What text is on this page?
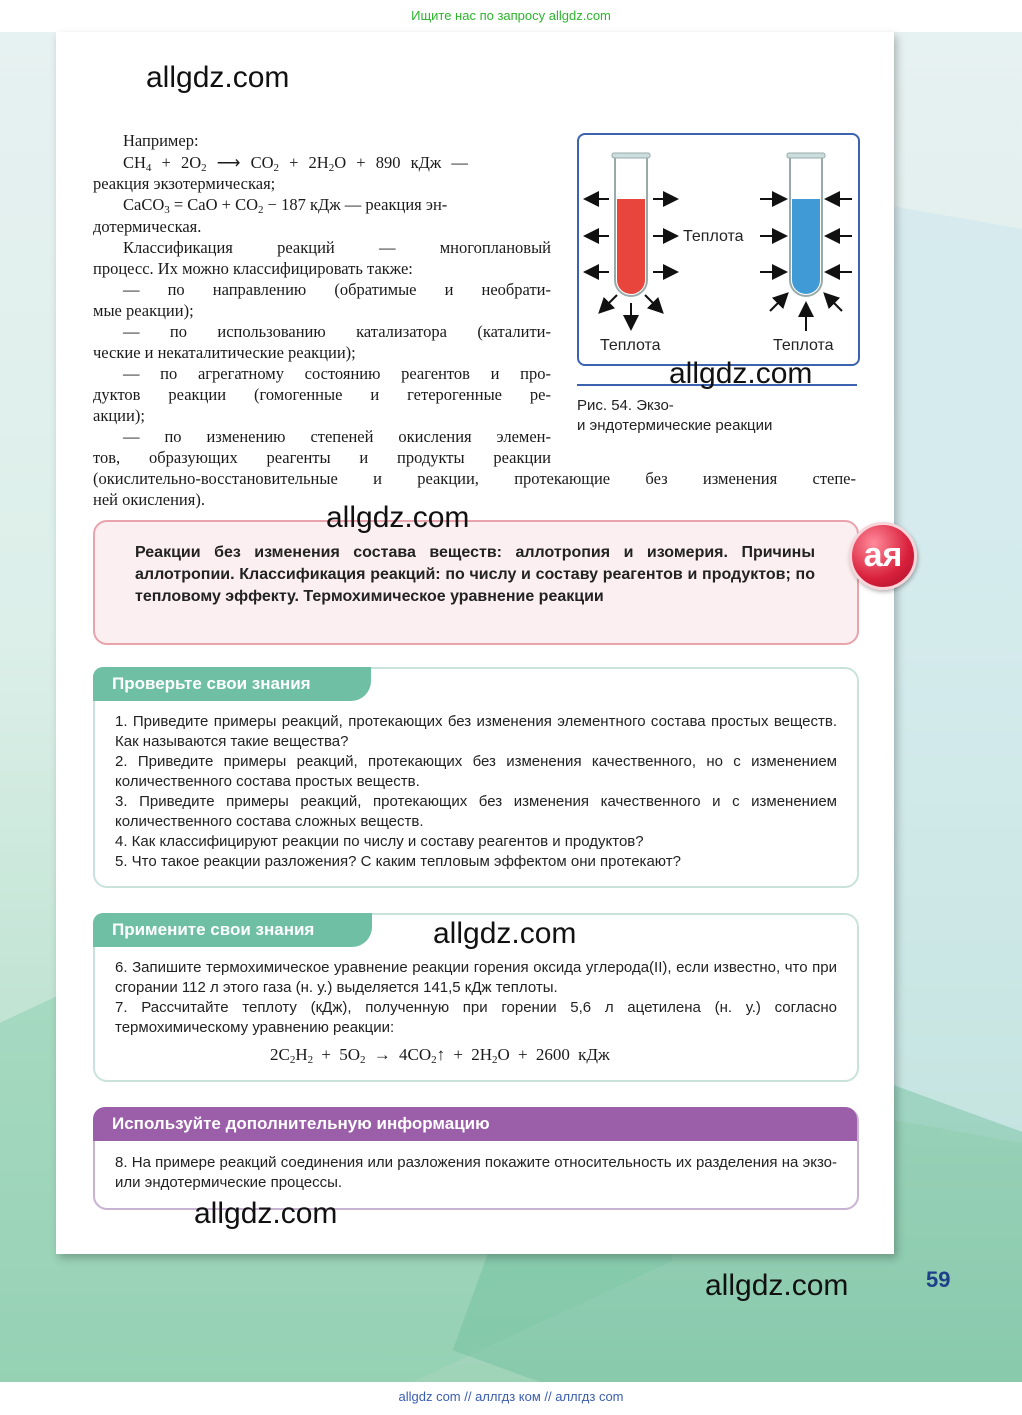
Ищите нас по запросу allgdz.com
Например:
$CH_4 + 2O_2$ ⟶ $CO_2 + 2H_2O + 890$ кДж —
реакция экзотермическая;
CaCO$_3$ = CaO + $CO_2 - 187$ кДж — реакция эн-
дотермическая.
Классификация реакций — многоплановый
процесс. Их можно классифицировать также:
— по направлению (обратимые и необрати-
мые реакции);
— по использованию катализатора (каталити-
ческие и некаталитические реакции);
— по агрегатному состоянию реагентов и про-
дуктов реакции (гомогенные и гетерогенные ре-
акции);
— по изменению степеней окисления элемен-
тов, образующих реагенты и продукты реакции
(окислительно-восстановительные и реакции, протекающие без изменения степе-
ней окисления).
Теплота
Теплота	Теплота
Рис. 54. Экзо-
и эндотермические реакции
Реакции без изменения состава веществ: аллотропия и изомерия. Причины аллотропии. Классификация реакций: по числу и составу реагентов и продуктов; по тепловому эффекту. Термохимическое уравнение реакции
ая
Проверьте свои знания
1. Приведите примеры реакций, протекающих без изменения элементного состава простых веществ. Как называются такие вещества?
2. Приведите примеры реакций, протекающих без изменения качественного, но с изменением количественного состава простых веществ.
3. Приведите примеры реакций, протекающих без изменения качественного и с изменением количественного состава сложных веществ.
4. Как классифицируют реакции по числу и составу реагентов и продуктов?
5. Что такое реакции разложения? С каким тепловым эффектом они протекают?
Примените свои знания
6. Запишите термохимическое уравнение реакции горения оксида углерода(II), если известно, что при сгорании 112 л этого газа (н. у.) выделяется 141,5 кДж теплоты.
7. Рассчитайте теплоту (кДж), полученную при горении 5,6 л ацетилена (н. у.) согласно термохимическому уравнению реакции:
$2C_2H_2 + 5O_2$ → $4CO_2↑ + 2H_2O + 2600$ кДж
Используйте дополнительную информацию
8. На примере реакций соединения или разложения покажите относительность их разделения на экзо- или эндотермические процессы.
allgdz.com
allgdz.com
allgdz.com
allgdz.com
allgdz.com
allgdz.com	59
allgdz com // аллгдз ком // аллгдз com
